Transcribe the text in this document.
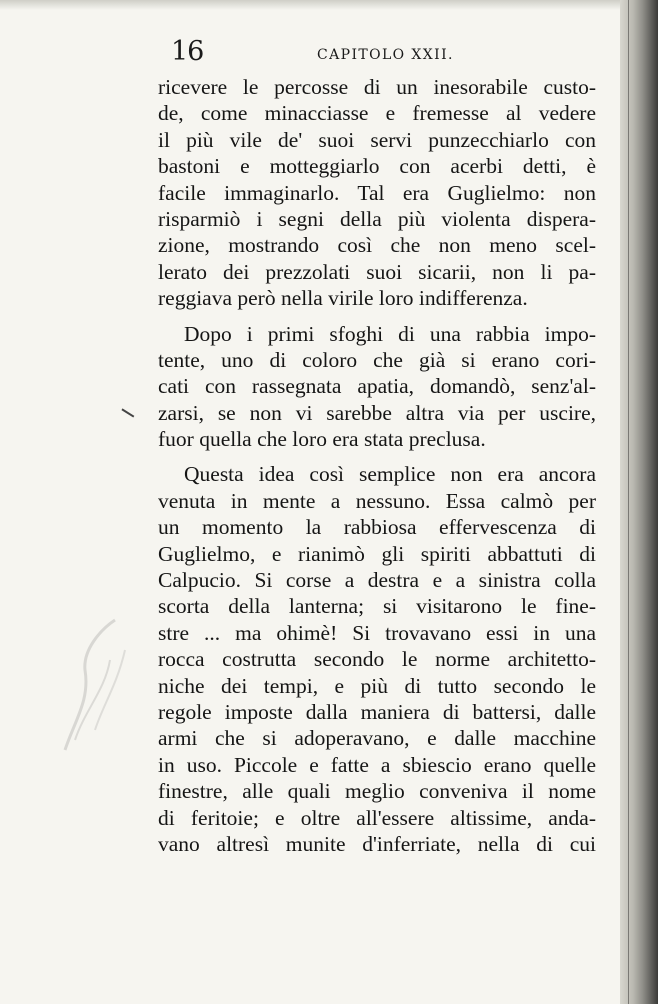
16	CAPITOLO XXII.
ricevere le percosse di un inesorabile custo-
de, come minacciasse e fremesse al vedere
il più vile de' suoi servi punzecchiarlo con
bastoni e motteggiarlo con acerbi detti, è
facile immaginarlo. Tal era Guglielmo: non
risparmiò i segni della più violenta dispera-
zione, mostrando così che non meno scel-
lerato dei prezzolati suoi sicarii, non li pa-
reggiava però nella virile loro indifferenza.
Dopo i primi sfoghi di una rabbia impo-
tente, uno di coloro che già si erano cori-
cati con rassegnata apatia, domandò, senz'al-
zarsi, se non vi sarebbe altra via per uscire,
fuor quella che loro era stata preclusa.
Questa idea così semplice non era ancora
venuta in mente a nessuno. Essa calmò per
un momento la rabbiosa effervescenza di
Guglielmo, e rianimò gli spiriti abbattuti di
Calpucio. Si corse a destra e a sinistra colla
scorta della lanterna; si visitarono le fine-
stre ... ma ohimè! Si trovavano essi in una
rocca costrutta secondo le norme architetto-
niche dei tempi, e più di tutto secondo le
regole imposte dalla maniera di battersi, dalle
armi che si adoperavano, e dalle macchine
in uso. Piccole e fatte a sbiescio erano quelle
finestre, alle quali meglio conveniva il nome
di feritoie; e oltre all'essere altissime, anda-
vano altresì munite d'inferriate, nella di cui
